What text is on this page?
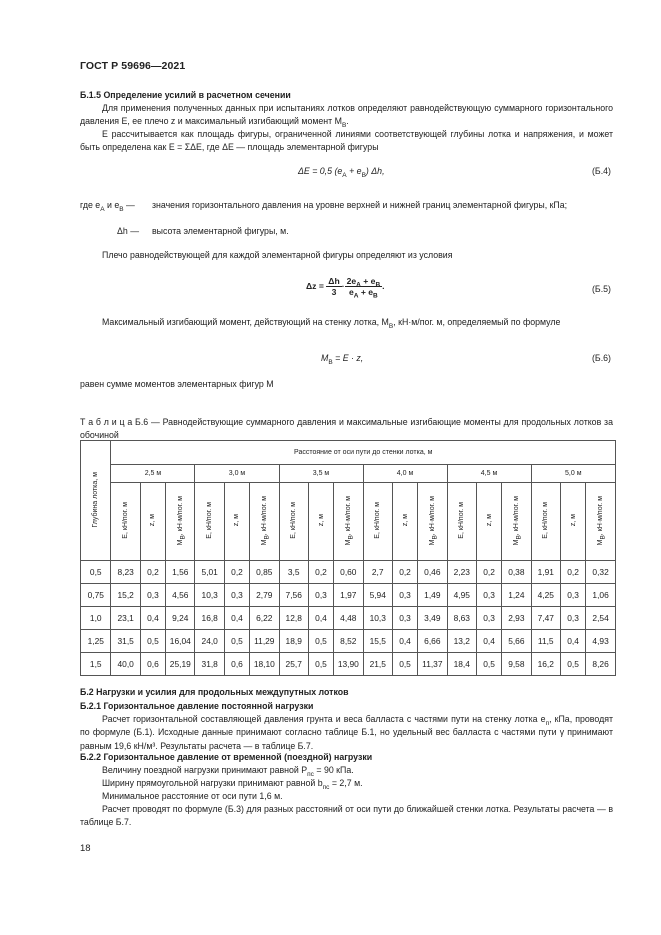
ГОСТ Р 59696—2021
Б.1.5 Определение усилий в расчетном сечении
Для применения полученных данных при испытаниях лотков определяют равнодействующую суммарного горизонтального давления E, ее плечо z и максимальный изгибающий момент $M_B$.
E рассчитывается как площадь фигуры, ограниченной линиями соответствующей глубины лотка и напряжения, и может быть определена как E = ΣΔE, где ΔE — площадь элементарной фигуры
ΔE = 0,5 $(e_A + e_B)$ Δh,	(Б.4)
где $e_A$ и $e_B$ — значения горизонтального давления на уровне верхней и нижней границ элементарной фигуры, кПа;
Δh — высота элементарной фигуры, м.
Плечо равнодействующей для каждой элементарной фигуры определяют из условия
$\Delta z = \frac{\Delta h}{3} \cdot \frac{2e_A + e_B}{e_A + e_B}$ .	(Б.5)
Максимальный изгибающий момент, действующий на стенку лотка, $M_B$, кН·м/пог. м, определяемый по формуле
$M_B = E \cdot z$,	(Б.6)
равен сумме моментов элементарных фигур M
Т а б л и ц а Б.6 — Равнодействующие суммарного давления и максимальные изгибающие моменты для продольных лотков за обочиной
Глубина лотка, м	Расстояние от оси пути до стенки лотка, м																	
	2,5 м			3,0 м			3,5 м			4,0 м			4,5 м			5,0 м		
	E, кН/пог. м	z, м	$M_B$, кН·м/пог. м	E, кН/пог. м	z, м	$M_B$, кН·м/пог. м	E, кН/пог. м	z, м	$M_B$, кН·м/пог. м	E, кН/пог. м	z, м	$M_B$, кН·м/пог. м	E, кН/пог. м	z, м	$M_B$, кН·м/пог. м	E, кН/пог. м	z, м	$M_B$, кН·м/пог. м
0,5	8,23	0,2	1,56	5,01	0,2	0,85	3,5	0,2	0,60	2,7	0,2	0,46	2,23	0,2	0,38	1,91	0,2	0,32
0,75	15,2	0,3	4,56	10,3	0,3	2,79	7,56	0,3	1,97	5,94	0,3	1,49	4,95	0,3	1,24	4,25	0,3	1,06
1,0	23,1	0,4	9,24	16,8	0,4	6,22	12,8	0,4	4,48	10,3	0,3	3,49	8,63	0,3	2,93	7,47	0,3	2,54
1,25	31,5	0,5	16,04	24,0	0,5	11,29	18,9	0,5	8,52	15,5	0,4	6,66	13,2	0,4	5,66	11,5	0,4	4,93
1,5	40,0	0,6	25,19	31,8	0,6	18,10	25,7	0,5	13,90	21,5	0,5	11,37	18,4	0,5	9,58	16,2	0,5	8,26
Б.2 Нагрузки и усилия для продольных междупутных лотков
Б.2.1 Горизонтальное давление постоянной нагрузки
Расчет горизонтальной составляющей давления грунта и веса балласта с частями пути на стенку лотка $e_п$, кПа, проводят по формуле (Б.1). Исходные данные принимают согласно таблице Б.1, но удельный вес балласта с частями пути γ принимают равным 19,6 кН/м³. Результаты расчета — в таблице Б.7.
Б.2.2 Горизонтальное давление от временной (поездной) нагрузки
Величину поездной нагрузки принимают равной $P_{пс} = 90$ кПа.
Ширину прямоугольной нагрузки принимают равной $b_{пс} = 2,7$ м.
Минимальное расстояние от оси пути 1,6 м.
Расчет проводят по формуле (Б.3) для разных расстояний от оси пути до ближайшей стенки лотка. Результаты расчета — в таблице Б.7.
18
